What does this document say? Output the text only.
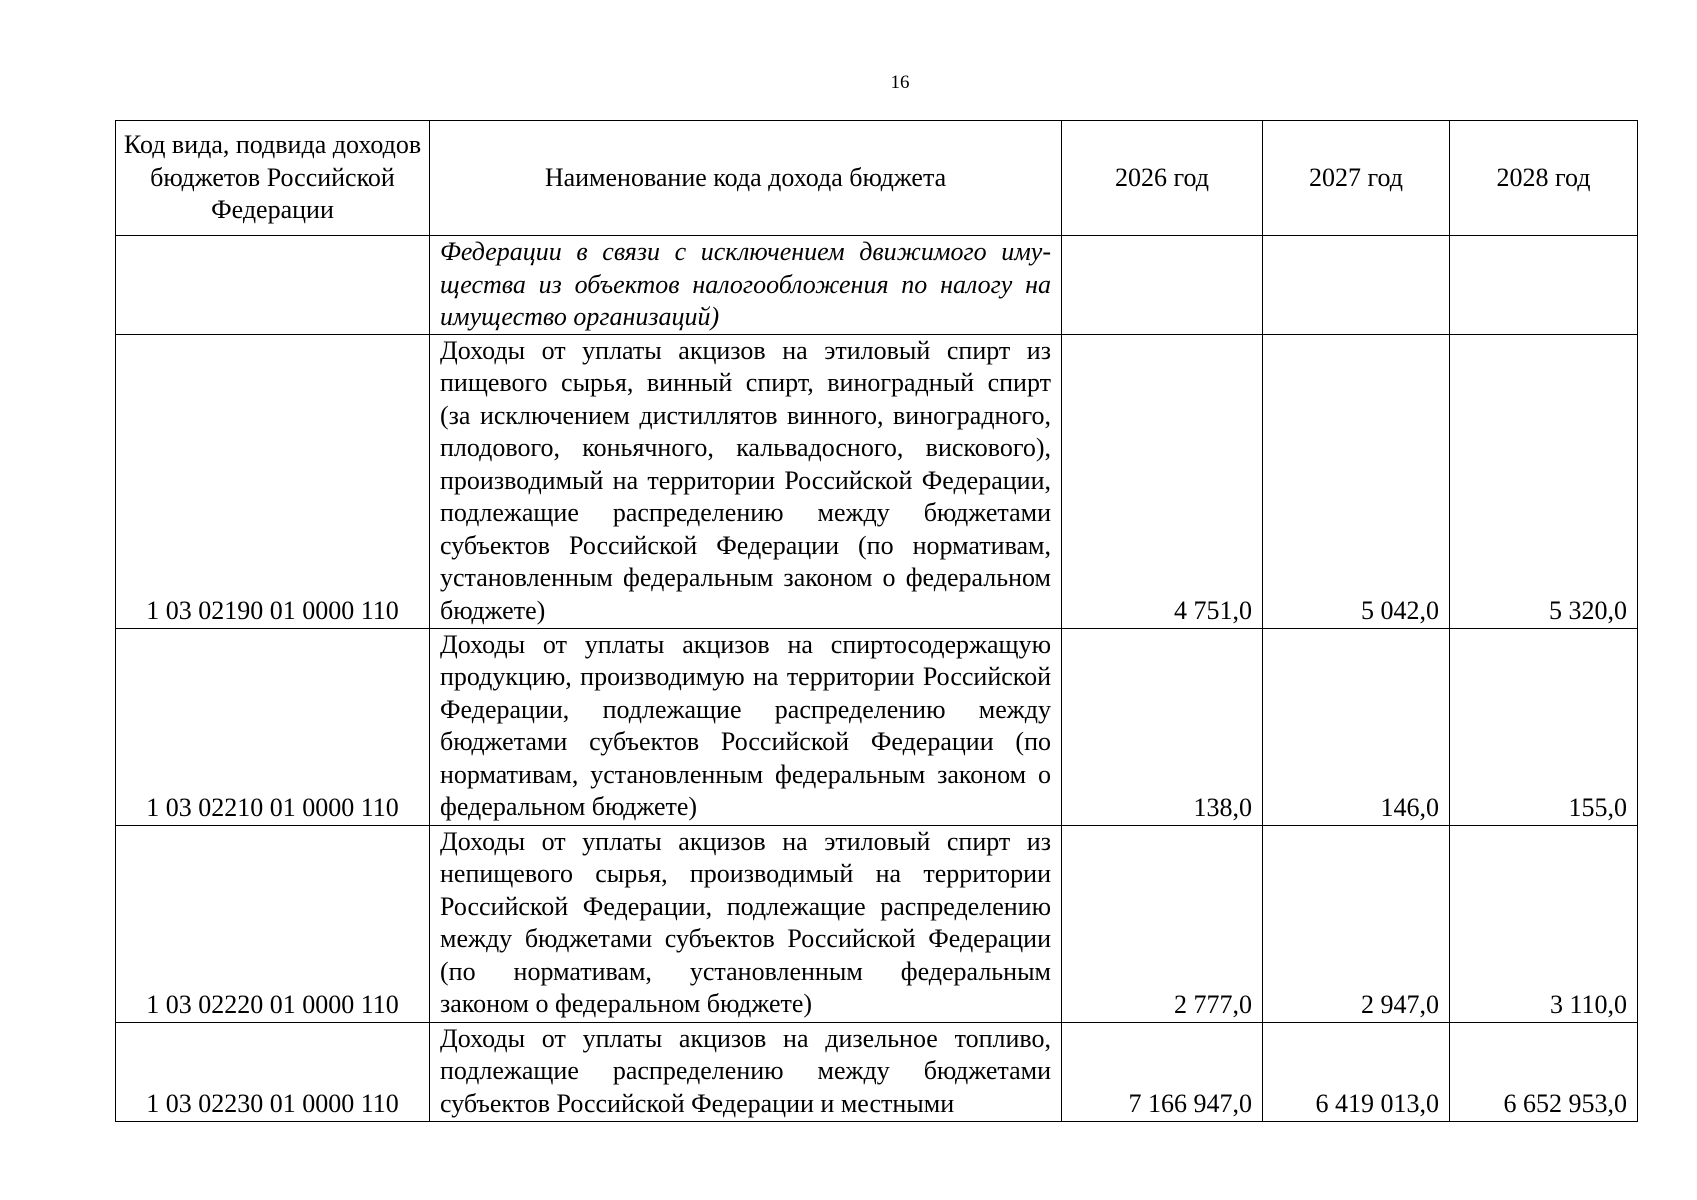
16
Код вида, подвида доходов бюджетов Российской Федерации	Наименование кода дохода бюджета	2026 год	2027 год	2028 год
	Федерации в связи с исключением движимого имущества из объектов налогообложения по налогу на имущество организаций)			
1 03 02190 01 0000 110	Доходы от уплаты акцизов на этиловый спирт из пищевого сырья, винный спирт, виноградный спирт (за исключением дистиллятов винного, виноградного, плодового, коньячного, кальвадосного, вискового), производимый на территории Российской Федерации, подлежащие распределению между бюджетами субъектов Российской Федерации (по нормативам, установленным федеральным законом о федеральном бюджете)	4 751,0	5 042,0	5 320,0
1 03 02210 01 0000 110	Доходы от уплаты акцизов на спиртосодержащую продукцию, производимую на территории Российской Федерации, подлежащие распределению между бюджетами субъектов Российской Федерации (по нормативам, установленным федеральным законом о федеральном бюджете)	138,0	146,0	155,0
1 03 02220 01 0000 110	Доходы от уплаты акцизов на этиловый спирт из непищевого сырья, производимый на территории Российской Федерации, подлежащие распределению между бюджетами субъектов Российской Федерации (по нормативам, установленным федеральным законом о федеральном бюджете)	2 777,0	2 947,0	3 110,0
1 03 02230 01 0000 110	Доходы от уплаты акцизов на дизельное топливо, подлежащие распределению между бюджетами субъектов Российской Федерации и местными	7 166 947,0	6 419 013,0	6 652 953,0
